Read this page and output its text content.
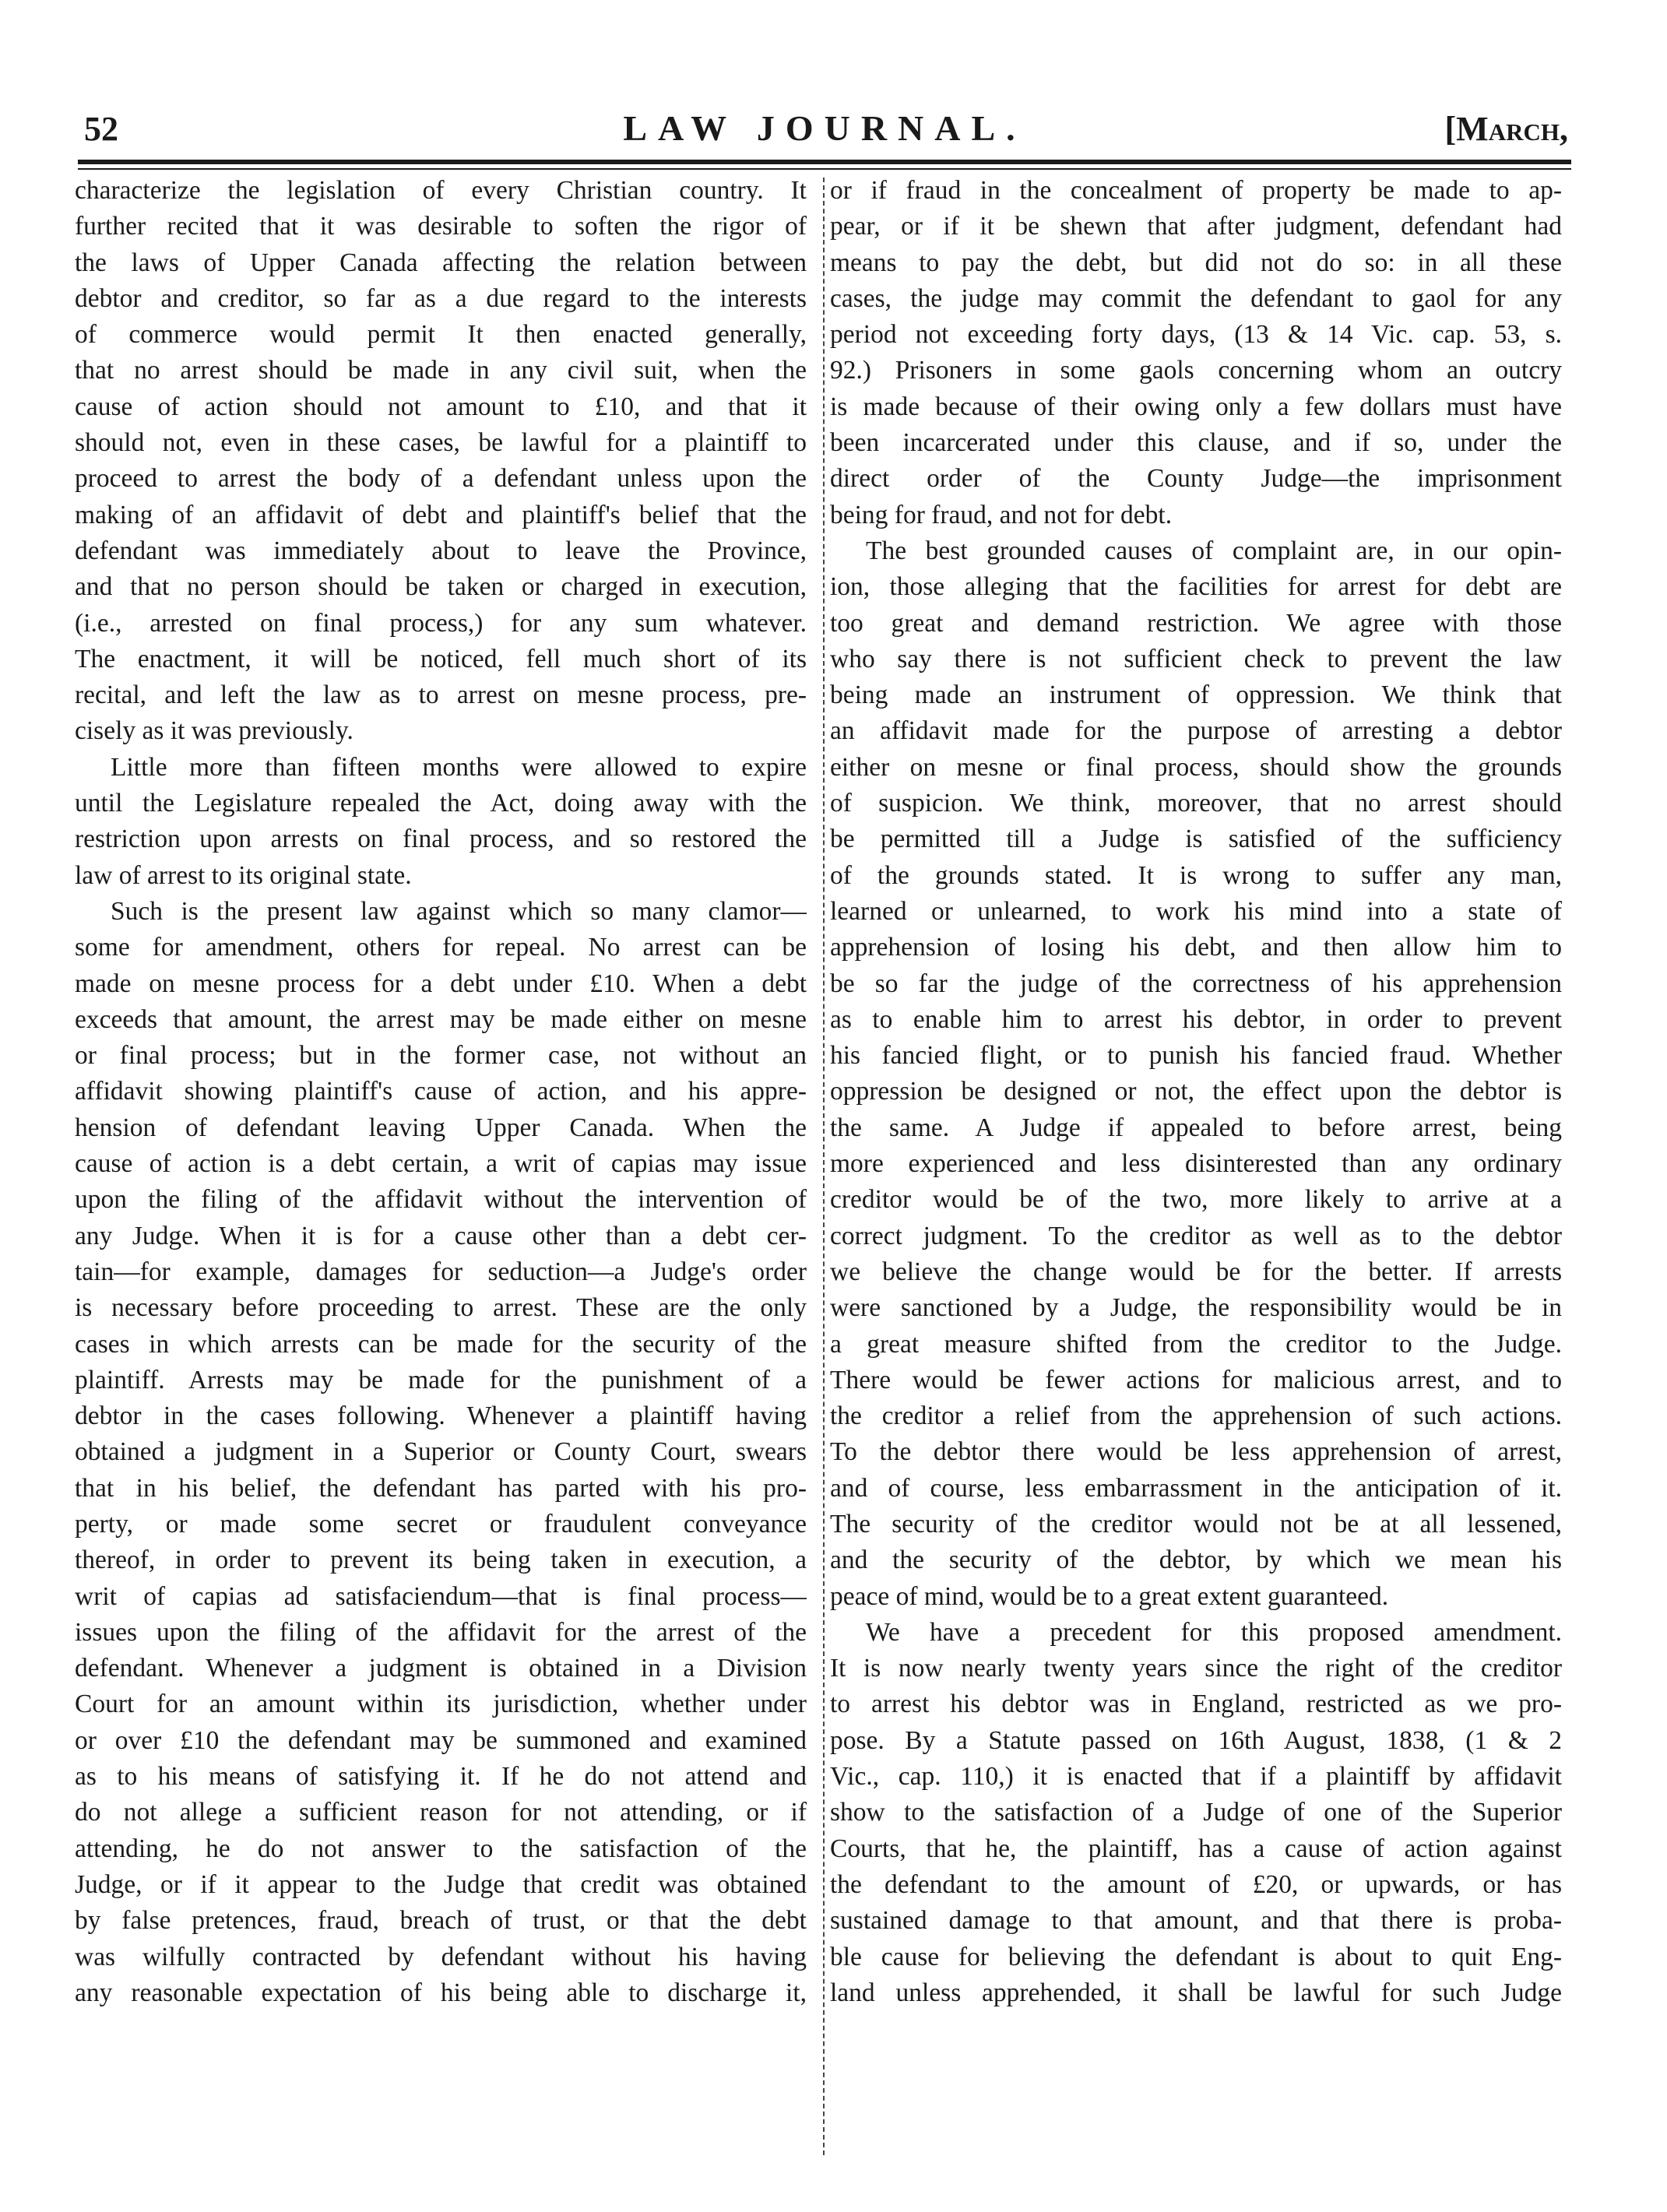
52	LAW JOURNAL.	[March,
characterize the legislation of every Christian country. It
further recited that it was desirable to soften the rigor of
the laws of Upper Canada affecting the relation between
debtor and creditor, so far as a due regard to the interests
of commerce would permit It then enacted generally,
that no arrest should be made in any civil suit, when the
cause of action should not amount to £10, and that it
should not, even in these cases, be lawful for a plaintiff to
proceed to arrest the body of a defendant unless upon the
making of an affidavit of debt and plaintiff's belief that the
defendant was immediately about to leave the Province,
and that no person should be taken or charged in execution,
(i.e., arrested on final process,) for any sum whatever.
The enactment, it will be noticed, fell much short of its
recital, and left the law as to arrest on mesne process, pre-
cisely as it was previously.
Little more than fifteen months were allowed to expire
until the Legislature repealed the Act, doing away with the
restriction upon arrests on final process, and so restored the
law of arrest to its original state.
Such is the present law against which so many clamor—
some for amendment, others for repeal. No arrest can be
made on mesne process for a debt under £10. When a debt
exceeds that amount, the arrest may be made either on mesne
or final process; but in the former case, not without an
affidavit showing plaintiff's cause of action, and his appre-
hension of defendant leaving Upper Canada. When the
cause of action is a debt certain, a writ of capias may issue
upon the filing of the affidavit without the intervention of
any Judge. When it is for a cause other than a debt cer-
tain—for example, damages for seduction—a Judge's order
is necessary before proceeding to arrest. These are the only
cases in which arrests can be made for the security of the
plaintiff. Arrests may be made for the punishment of a
debtor in the cases following. Whenever a plaintiff having
obtained a judgment in a Superior or County Court, swears
that in his belief, the defendant has parted with his pro-
perty, or made some secret or fraudulent conveyance
thereof, in order to prevent its being taken in execution, a
writ of capias ad satisfaciendum—that is final process—
issues upon the filing of the affidavit for the arrest of the
defendant. Whenever a judgment is obtained in a Division
Court for an amount within its jurisdiction, whether under
or over £10 the defendant may be summoned and examined
as to his means of satisfying it. If he do not attend and
do not allege a sufficient reason for not attending, or if
attending, he do not answer to the satisfaction of the
Judge, or if it appear to the Judge that credit was obtained
by false pretences, fraud, breach of trust, or that the debt
was wilfully contracted by defendant without his having
any reasonable expectation of his being able to discharge it,
or if fraud in the concealment of property be made to ap-
pear, or if it be shewn that after judgment, defendant had
means to pay the debt, but did not do so: in all these
cases, the judge may commit the defendant to gaol for any
period not exceeding forty days, (13 & 14 Vic. cap. 53, s.
92.) Prisoners in some gaols concerning whom an outcry
is made because of their owing only a few dollars must have
been incarcerated under this clause, and if so, under the
direct order of the County Judge—the imprisonment
being for fraud, and not for debt.
The best grounded causes of complaint are, in our opin-
ion, those alleging that the facilities for arrest for debt are
too great and demand restriction. We agree with those
who say there is not sufficient check to prevent the law
being made an instrument of oppression. We think that
an affidavit made for the purpose of arresting a debtor
either on mesne or final process, should show the grounds
of suspicion. We think, moreover, that no arrest should
be permitted till a Judge is satisfied of the sufficiency
of the grounds stated. It is wrong to suffer any man,
learned or unlearned, to work his mind into a state of
apprehension of losing his debt, and then allow him to
be so far the judge of the correctness of his apprehension
as to enable him to arrest his debtor, in order to prevent
his fancied flight, or to punish his fancied fraud. Whether
oppression be designed or not, the effect upon the debtor is
the same. A Judge if appealed to before arrest, being
more experienced and less disinterested than any ordinary
creditor would be of the two, more likely to arrive at a
correct judgment. To the creditor as well as to the debtor
we believe the change would be for the better. If arrests
were sanctioned by a Judge, the responsibility would be in
a great measure shifted from the creditor to the Judge.
There would be fewer actions for malicious arrest, and to
the creditor a relief from the apprehension of such actions.
To the debtor there would be less apprehension of arrest,
and of course, less embarrassment in the anticipation of it.
The security of the creditor would not be at all lessened,
and the security of the debtor, by which we mean his
peace of mind, would be to a great extent guaranteed.
We have a precedent for this proposed amendment.
It is now nearly twenty years since the right of the creditor
to arrest his debtor was in England, restricted as we pro-
pose. By a Statute passed on 16th August, 1838, (1 & 2
Vic., cap. 110,) it is enacted that if a plaintiff by affidavit
show to the satisfaction of a Judge of one of the Superior
Courts, that he, the plaintiff, has a cause of action against
the defendant to the amount of £20, or upwards, or has
sustained damage to that amount, and that there is proba-
ble cause for believing the defendant is about to quit Eng-
land unless apprehended, it shall be lawful for such Judge
